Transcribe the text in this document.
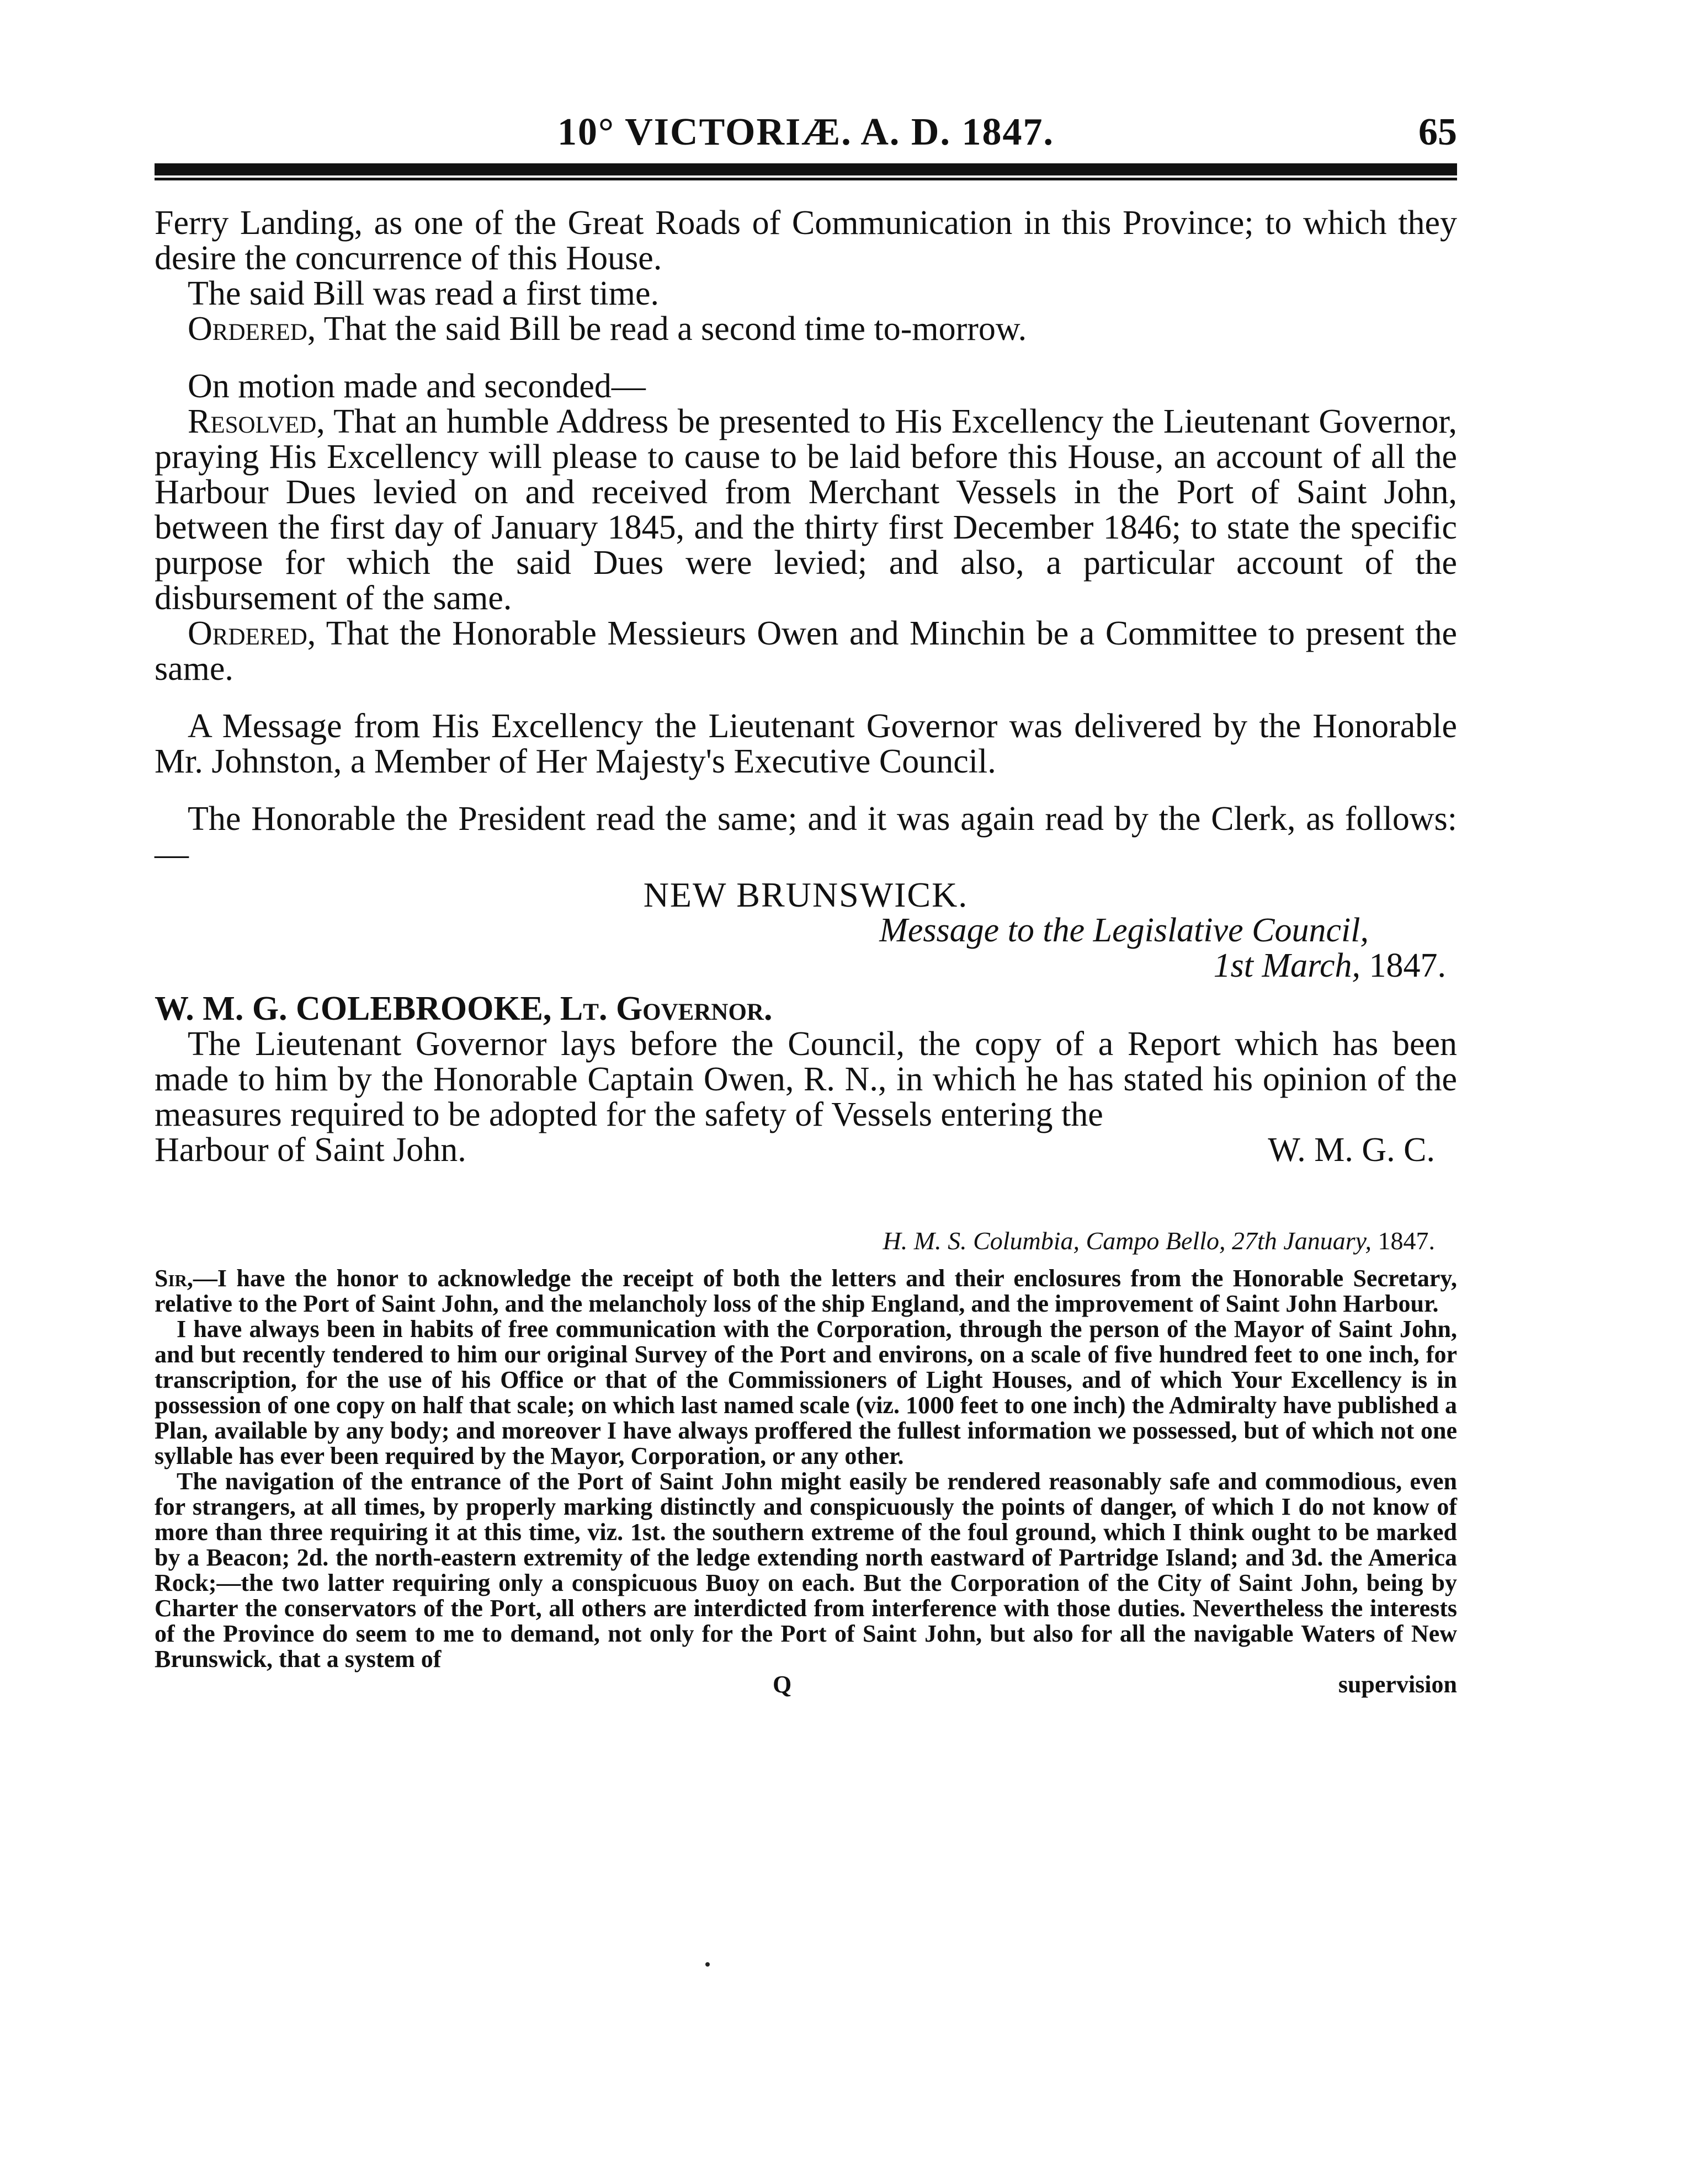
10° VICTORIÆ. A. D. 1847.	65

Ferry Landing, as one of the Great Roads of Communication in this Province; to which they desire the concurrence of this House.

The said Bill was read a first time.

Ordered, That the said Bill be read a second time to-morrow.

On motion made and seconded—

Resolved, That an humble Address be presented to His Excellency the Lieutenant Governor, praying His Excellency will please to cause to be laid before this House, an account of all the Harbour Dues levied on and received from Merchant Vessels in the Port of Saint John, between the first day of January 1845, and the thirty first December 1846; to state the specific purpose for which the said Dues were levied; and also, a particular account of the disbursement of the same.

Ordered, That the Honorable Messieurs Owen and Minchin be a Committee to present the same.

A Message from His Excellency the Lieutenant Governor was delivered by the Honorable Mr. Johnston, a Member of Her Majesty's Executive Council.

The Honorable the President read the same; and it was again read by the Clerk, as follows:—

NEW BRUNSWICK.

Message to the Legislative Council,

1st March, 1847.

W. M. G. COLEBROOKE, Lt. Governor.

The Lieutenant Governor lays before the Council, the copy of a Report which has been made to him by the Honorable Captain Owen, R. N., in which he has stated his opinion of the measures required to be adopted for the safety of Vessels entering the

Harbour of Saint John.	W. M. G. C.

H. M. S. Columbia, Campo Bello, 27th January, 1847.

Sir,—I have the honor to acknowledge the receipt of both the letters and their enclosures from the Honorable Secretary, relative to the Port of Saint John, and the melancholy loss of the ship England, and the improvement of Saint John Harbour.

I have always been in habits of free communication with the Corporation, through the person of the Mayor of Saint John, and but recently tendered to him our original Survey of the Port and environs, on a scale of five hundred feet to one inch, for transcription, for the use of his Office or that of the Commissioners of Light Houses, and of which Your Excellency is in possession of one copy on half that scale; on which last named scale (viz. 1000 feet to one inch) the Admiralty have published a Plan, available by any body; and moreover I have always proffered the fullest information we possessed, but of which not one syllable has ever been required by the Mayor, Corporation, or any other.

The navigation of the entrance of the Port of Saint John might easily be rendered reasonably safe and commodious, even for strangers, at all times, by properly marking distinctly and conspicuously the points of danger, of which I do not know of more than three requiring it at this time, viz. 1st. the southern extreme of the foul ground, which I think ought to be marked by a Beacon; 2d. the north-eastern extremity of the ledge extending north eastward of Partridge Island; and 3d. the America Rock;—the two latter requiring only a conspicuous Buoy on each. But the Corporation of the City of Saint John, being by Charter the conservators of the Port, all others are interdicted from interference with those duties. Nevertheless the interests of the Province do seem to me to demand, not only for the Port of Saint John, but also for all the navigable Waters of New Brunswick, that a system of

Q	supervision
